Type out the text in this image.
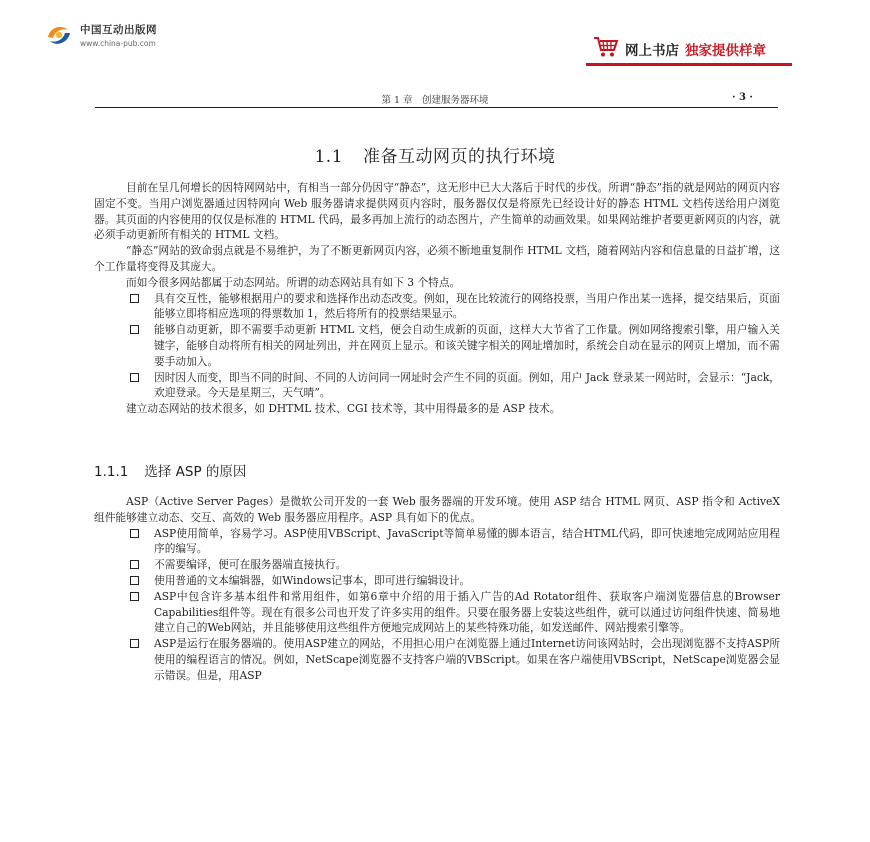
中国互动出版网
www.china-pub.com	网上书店 独家提供样章
第 1 章　创建服务器环境	· 3 ·
1.1 准备互动网页的执行环境

目前在呈几何增长的因特网网站中，有相当一部分仍因守“静态”，这无形中已大大落后于时代的步伐。所谓“静态”指的就是网站的网页内容固定不变。当用户浏览器通过因特网向 Web 服务器请求提供网页内容时，服务器仅仅是将原先已经设计好的静态 HTML 文档传送给用户浏览器。其页面的内容使用的仅仅是标准的 HTML 代码，最多再加上流行的动态图片，产生简单的动画效果。如果网站维护者要更新网页的内容，就必须手动更新所有相关的 HTML 文档。

“静态”网站的致命弱点就是不易维护，为了不断更新网页内容，必须不断地重复制作 HTML 文档，随着网站内容和信息量的日益扩增，这个工作量将变得及其庞大。

而如今很多网站都属于动态网站。所谓的动态网站具有如下 3 个特点。

具有交互性，能够根据用户的要求和选择作出动态改变。例如，现在比较流行的网络投票，当用户作出某一选择，提交结果后，页面能够立即将相应选项的得票数加 1，然后将所有的投票结果显示。
能够自动更新，即不需要手动更新 HTML 文档，便会自动生成新的页面，这样大大节省了工作量。例如网络搜索引擎，用户输入关键字，能够自动将所有相关的网址列出，并在网页上显示。和该关键字相关的网址增加时，系统会自动在显示的网页上增加，而不需要手动加入。
因时因人而变，即当不同的时间、不同的人访问同一网址时会产生不同的页面。例如，用户 Jack 登录某一网站时，会显示：“Jack，欢迎登录。今天是星期三，天气晴”。

建立动态网站的技术很多，如 DHTML 技术、CGI 技术等，其中用得最多的是 ASP 技术。

1.1.1 选择 ASP 的原因

ASP（Active Server Pages）是微软公司开发的一套 Web 服务器端的开发环境。使用 ASP 结合 HTML 网页、ASP 指令和 ActiveX 组件能够建立动态、交互、高效的 Web 服务器应用程序。ASP 具有如下的优点。

ASP使用简单，容易学习。ASP使用VBScript、JavaScript等简单易懂的脚本语言，结合HTML代码，即可快速地完成网站应用程序的编写。
不需要编译，便可在服务器端直接执行。
使用普通的文本编辑器，如Windows记事本，即可进行编辑设计。
ASP中包含许多基本组件和常用组件，如第6章中介绍的用于插入广告的Ad Rotator组件、获取客户端浏览器信息的Browser Capabilities组件等。现在有很多公司也开发了许多实用的组件。只要在服务器上安装这些组件，就可以通过访问组件快速、简易地建立自己的Web网站，并且能够使用这些组件方便地完成网站上的某些特殊功能，如发送邮件、网站搜索引擎等。
ASP是运行在服务器端的。使用ASP建立的网站，不用担心用户在浏览器上通过Internet访问该网站时，会出现浏览器不支持ASP所使用的编程语言的情况。例如，NetScape浏览器不支持客户端的VBScript。如果在客户端使用VBScript，NetScape浏览器会显示错误。但是，用ASP
